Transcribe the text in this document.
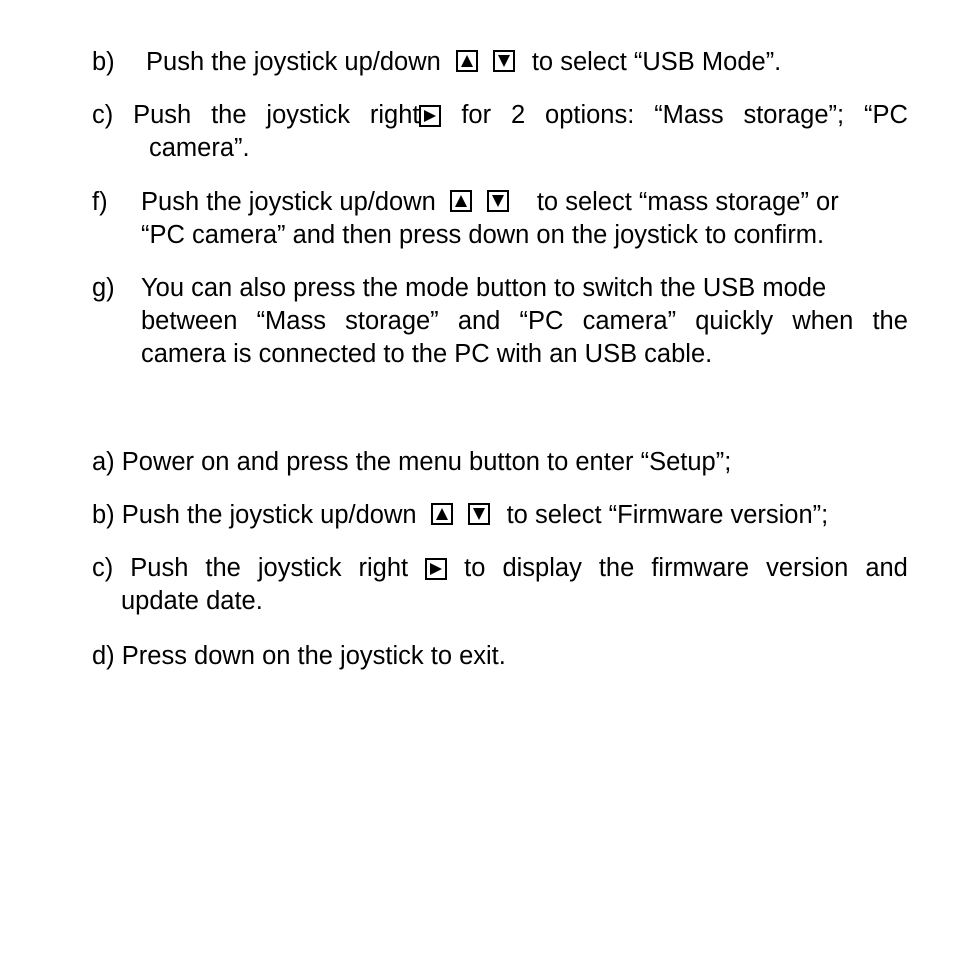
b) Push the joystick up/down	to select “USB Mode”.
c) Push the joystick right for 2 options: “Mass storage”; “PC
camera”.
f) Push the joystick up/down	to select “mass storage” or
“PC camera” and then press down on the joystick to confirm.
g) You can also press the mode button to switch the USB mode
between “Mass storage” and “PC camera” quickly when the
camera is connected to the PC with an USB cable.
a) Power on and press the menu button to enter “Setup”;
b) Push the joystick up/down	to select “Firmware version”;
c) Push the joystick right to display the firmware version and
update date.
d) Press down on the joystick to exit.
